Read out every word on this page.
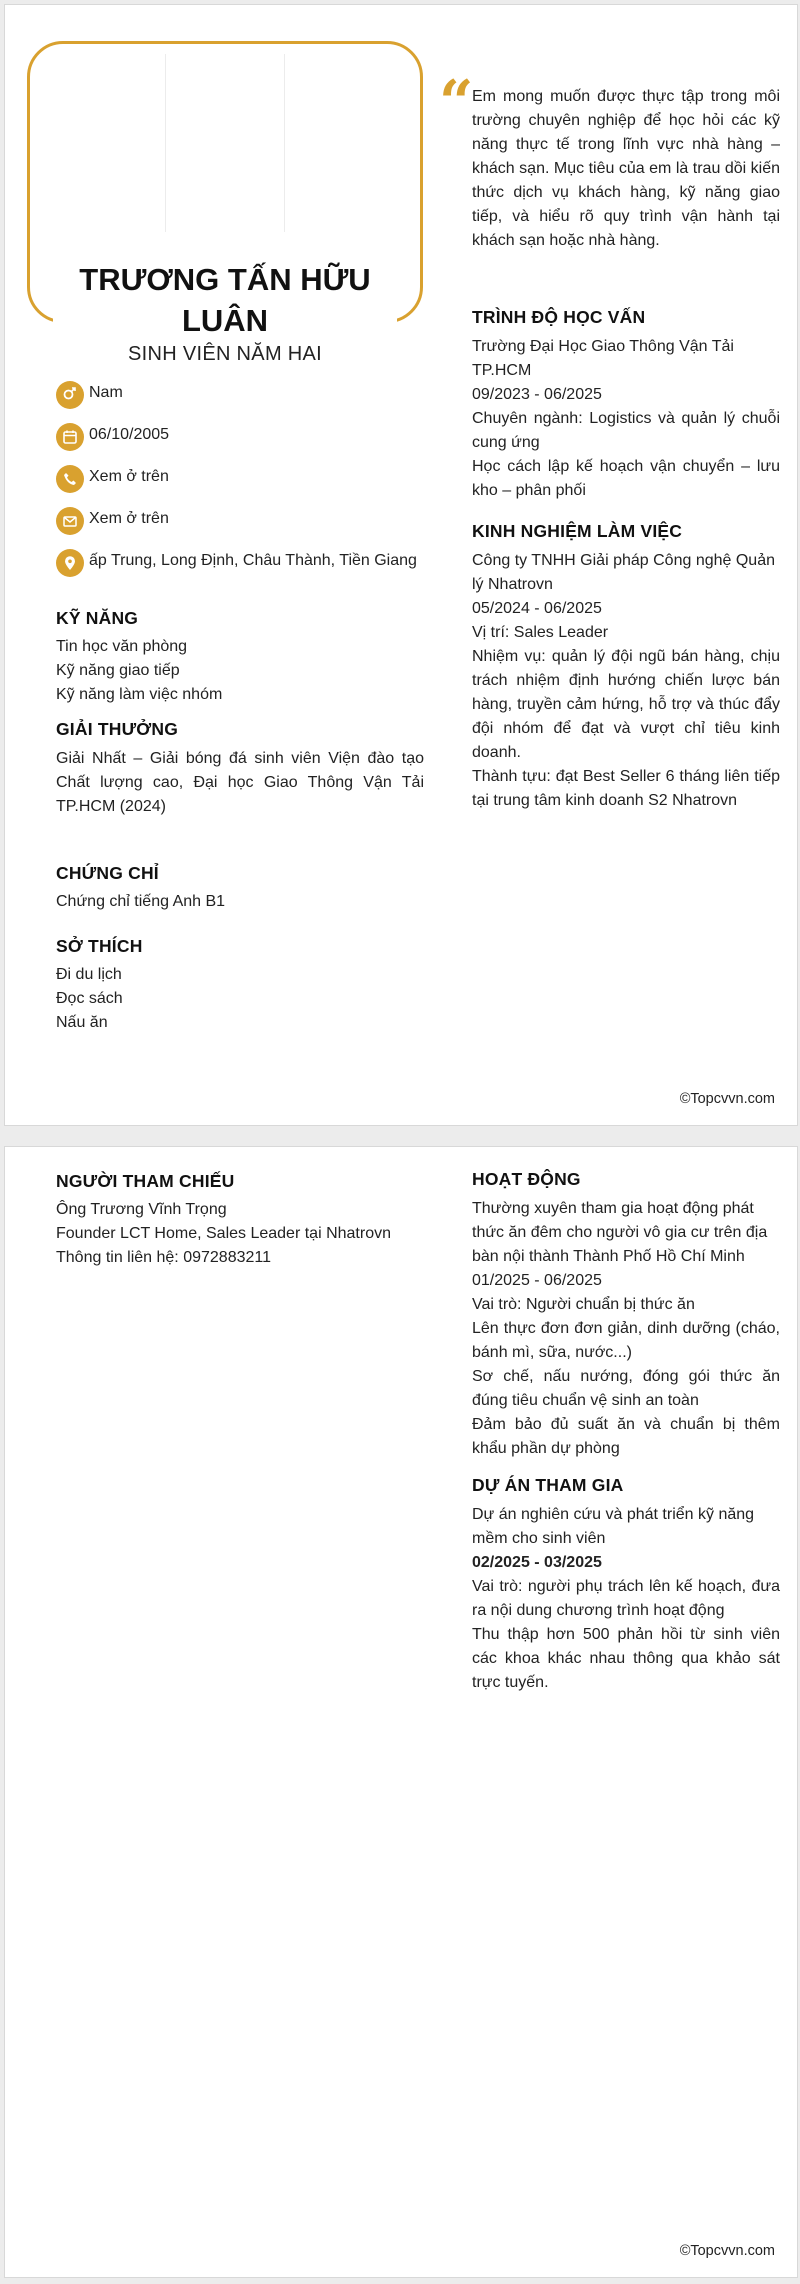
TRƯƠNG TẤN HỮU LUÂN
SINH VIÊN NĂM HAI
Nam
06/10/2005
Xem ở trên
Xem ở trên
ấp Trung, Long Định, Châu Thành, Tiền Giang
KỸ NĂNG
Tin học văn phòng
Kỹ năng giao tiếp
Kỹ năng làm việc nhóm
GIẢI THƯỞNG
Giải Nhất – Giải bóng đá sinh viên Viện đào tạo Chất lượng cao, Đại học Giao Thông Vận Tải TP.HCM (2024)
CHỨNG CHỈ
Chứng chỉ tiếng Anh B1
SỞ THÍCH
Đi du lịch
Đọc sách
Nấu ăn
“
Em mong muốn được thực tập trong môi trường chuyên nghiệp để học hỏi các kỹ năng thực tế trong lĩnh vực nhà hàng – khách sạn. Mục tiêu của em là trau dồi kiến thức dịch vụ khách hàng, kỹ năng giao tiếp, và hiểu rõ quy trình vận hành tại khách sạn hoặc nhà hàng.
TRÌNH ĐỘ HỌC VẤN
Trường Đại Học Giao Thông Vận Tải TP.HCM
09/2023 - 06/2025
Chuyên ngành: Logistics và quản lý chuỗi cung ứng
Học cách lập kế hoạch vận chuyển – lưu kho – phân phối
KINH NGHIỆM LÀM VIỆC
Công ty TNHH Giải pháp Công nghệ Quản lý Nhatrovn
05/2024 - 06/2025
Vị trí: Sales Leader
Nhiệm vụ: quản lý đội ngũ bán hàng, chịu trách nhiệm định hướng chiến lược bán hàng, truyền cảm hứng, hỗ trợ và thúc đẩy đội nhóm để đạt và vượt chỉ tiêu kinh doanh.
Thành tựu: đạt Best Seller 6 tháng liên tiếp tại trung tâm kinh doanh S2 Nhatrovn
©Topcvvn.com
NGƯỜI THAM CHIẾU
Ông Trương Vĩnh Trọng
Founder LCT Home, Sales Leader tại Nhatrovn
Thông tin liên hệ: 0972883211
HOẠT ĐỘNG
Thường xuyên tham gia hoạt động phát thức ăn đêm cho người vô gia cư trên địa bàn nội thành Thành Phố Hồ Chí Minh
01/2025 - 06/2025
Vai trò: Người chuẩn bị thức ăn
Lên thực đơn đơn giản, dinh dưỡng (cháo, bánh mì, sữa, nước...)
Sơ chế, nấu nướng, đóng gói thức ăn đúng tiêu chuẩn vệ sinh an toàn
Đảm bảo đủ suất ăn và chuẩn bị thêm khẩu phần dự phòng
DỰ ÁN THAM GIA
Dự án nghiên cứu và phát triển kỹ năng mềm cho sinh viên
02/2025 - 03/2025
Vai trò: người phụ trách lên kế hoạch, đưa ra nội dung chương trình hoạt động
Thu thập hơn 500 phản hồi từ sinh viên các khoa khác nhau thông qua khảo sát trực tuyến.
©Topcvvn.com
